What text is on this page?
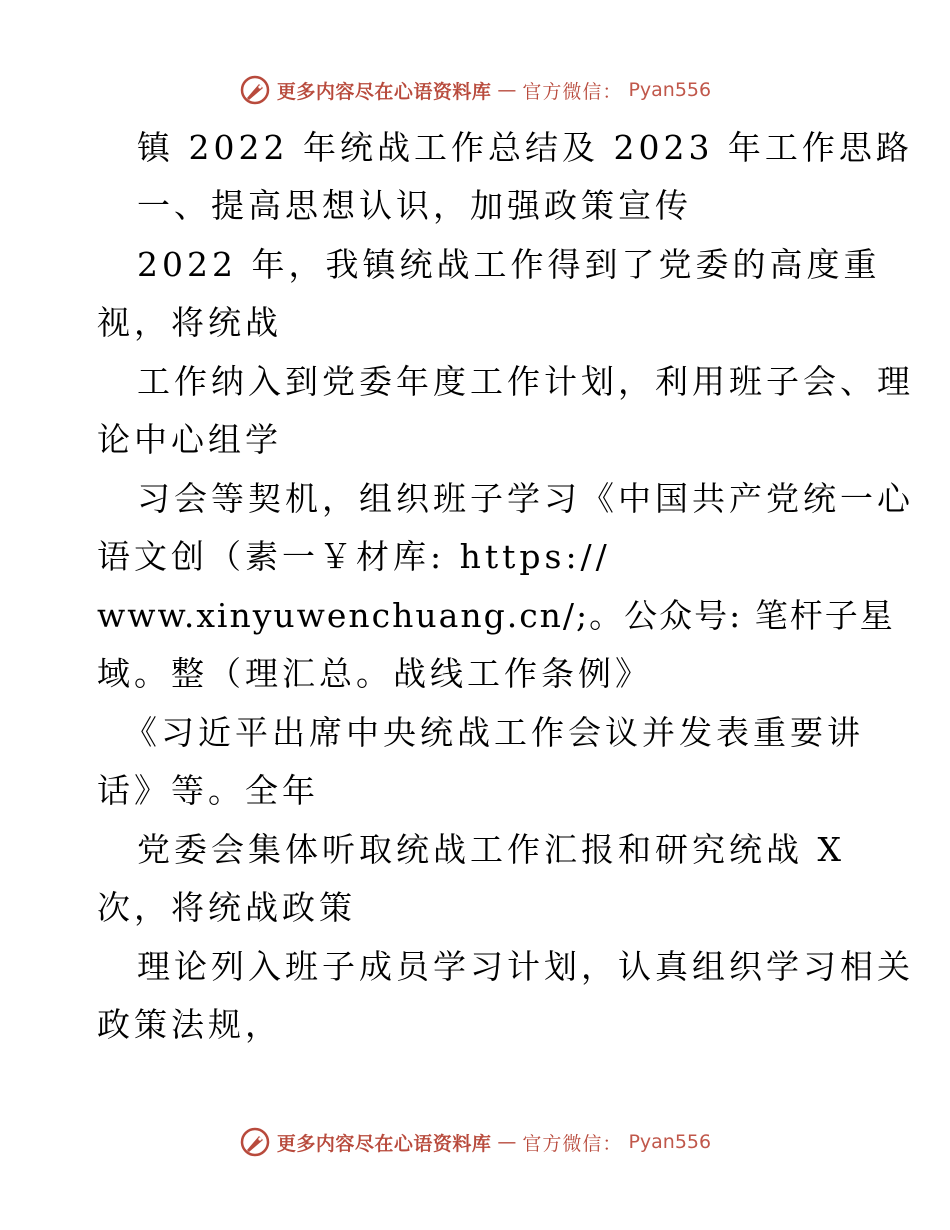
更多内容尽在心语资料库 — 官方微信： Pyan556
镇 2022 年统战工作总结及 2023 年工作思路
一、提高思想认识，加强政策宣传
2022 年，我镇统战工作得到了党委的高度重
视，将统战
工作纳入到党委年度工作计划，利用班子会、理
论中心组学
习会等契机，组织班子学习《中国共产党统一心
语文创（素一￥材库: https://
www.xinyuwenchuang.cn/;。公众号: 笔杆子星
域。整（理汇总。战线工作条例》
《习近平出席中央统战工作会议并发表重要讲
话》等。全年
党委会集体听取统战工作汇报和研究统战 X
次，将统战政策
理论列入班子成员学习计划，认真组织学习相关
政策法规，
更多内容尽在心语资料库 — 官方微信： Pyan556
